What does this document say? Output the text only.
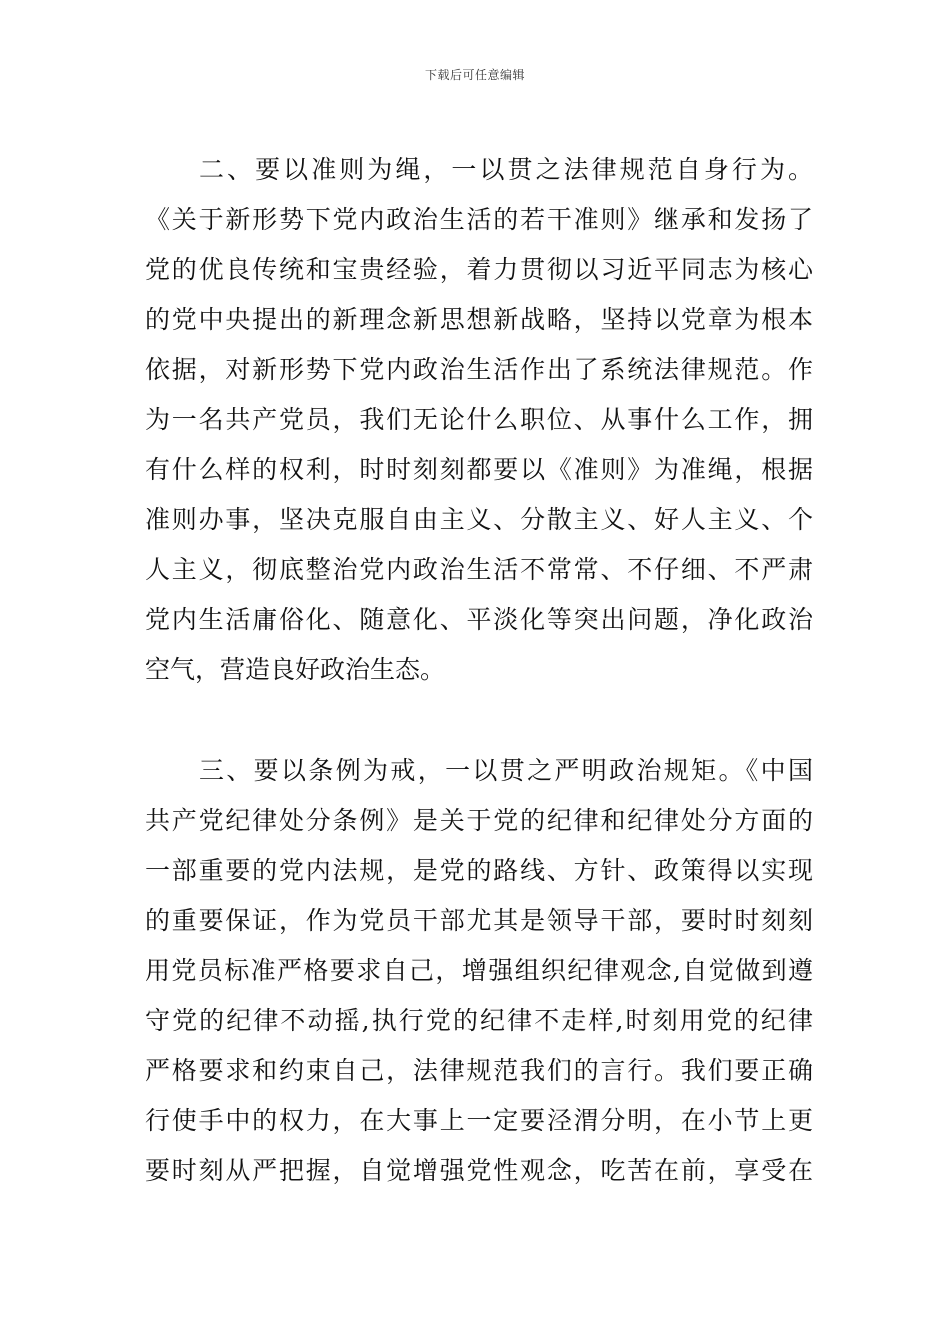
下载后可任意编辑
二、要以准则为绳，一以贯之法律规范自身行为。
《关于新形势下党内政治生活的若干准则》继承和发扬了
党的优良传统和宝贵经验，着力贯彻以习近平同志为核心
的党中央提出的新理念新思想新战略，坚持以党章为根本
依据，对新形势下党内政治生活作出了系统法律规范。作
为一名共产党员，我们无论什么职位、从事什么工作，拥
有什么样的权利，时时刻刻都要以《准则》为准绳，根据
准则办事，坚决克服自由主义、分散主义、好人主义、个
人主义，彻底整治党内政治生活不常常、不仔细、不严肃
党内生活庸俗化、随意化、平淡化等突出问题，净化政治
空气，营造良好政治生态。
三、要以条例为戒，一以贯之严明政治规矩。《中国
共产党纪律处分条例》是关于党的纪律和纪律处分方面的
一部重要的党内法规，是党的路线、方针、政策得以实现
的重要保证，作为党员干部尤其是领导干部，要时时刻刻
用党员标准严格要求自己，增强组织纪律观念,自觉做到遵
守党的纪律不动摇,执行党的纪律不走样,时刻用党的纪律
严格要求和约束自己，法律规范我们的言行。我们要正确
行使手中的权力，在大事上一定要泾渭分明，在小节上更
要时刻从严把握，自觉增强党性观念，吃苦在前，享受在
